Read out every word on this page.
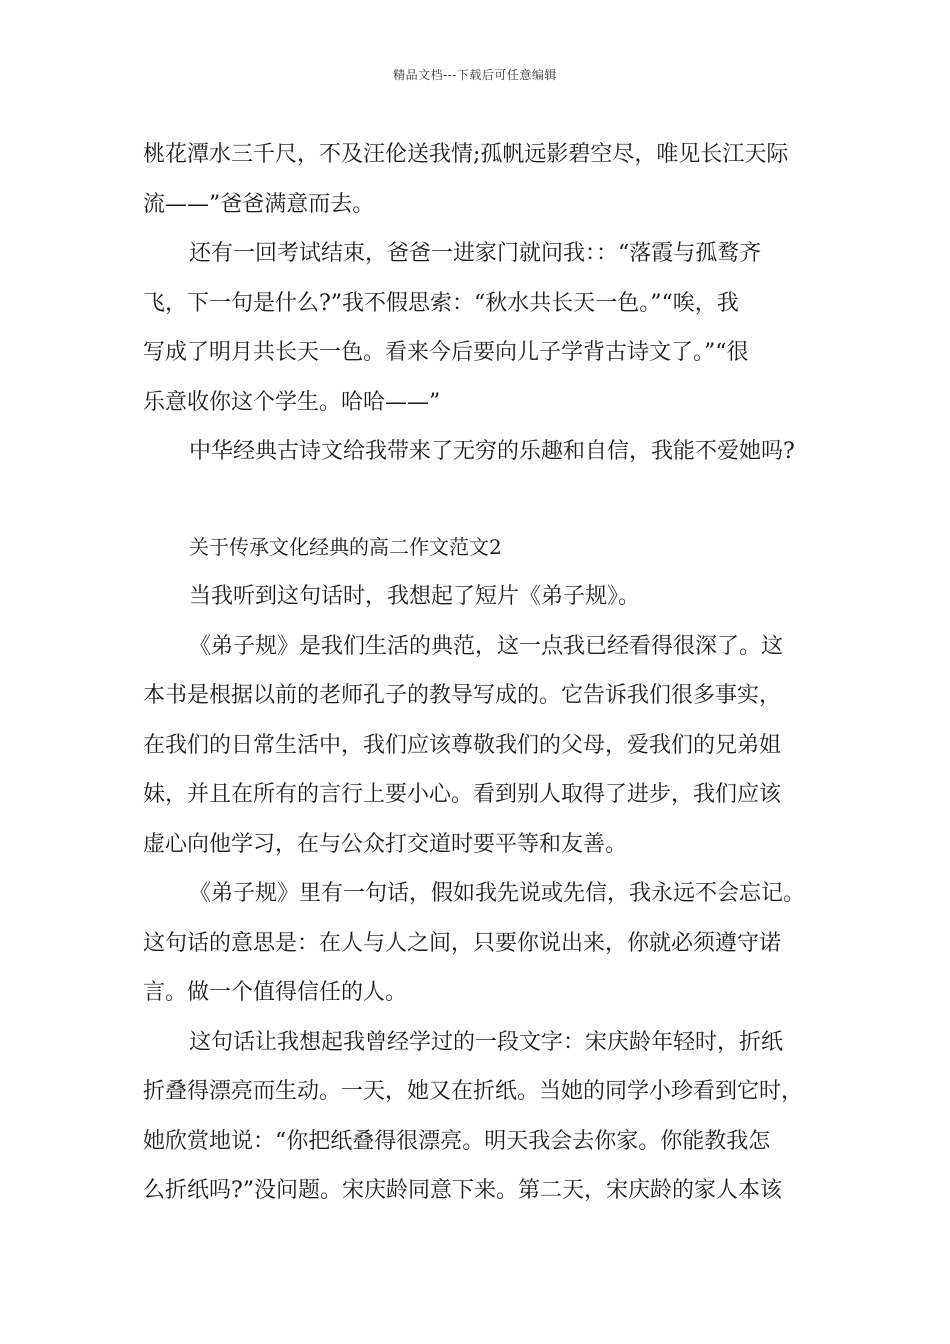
精品文档---下载后可任意编辑
桃花潭水三千尺，不及汪伦送我情;孤帆远影碧空尽，唯见长江天际
流——”爸爸满意而去。
还有一回考试结束，爸爸一进家门就问我：：“落霞与孤鹜齐
飞，下一句是什么?”我不假思索：“秋水共长天一色。”“唉，我
写成了明月共长天一色。看来今后要向儿子学背古诗文了。”“很
乐意收你这个学生。哈哈——”
中华经典古诗文给我带来了无穷的乐趣和自信，我能不爱她吗?
关于传承文化经典的高二作文范文2
当我听到这句话时，我想起了短片《弟子规》。
《弟子规》是我们生活的典范，这一点我已经看得很深了。这
本书是根据以前的老师孔子的教导写成的。它告诉我们很多事实，
在我们的日常生活中，我们应该尊敬我们的父母，爱我们的兄弟姐
妹，并且在所有的言行上要小心。看到别人取得了进步，我们应该
虚心向他学习，在与公众打交道时要平等和友善。
《弟子规》里有一句话，假如我先说或先信，我永远不会忘记。
这句话的意思是：在人与人之间，只要你说出来，你就必须遵守诺
言。做一个值得信任的人。
这句话让我想起我曾经学过的一段文字：宋庆龄年轻时，折纸
折叠得漂亮而生动。一天，她又在折纸。当她的同学小珍看到它时，
她欣赏地说：“你把纸叠得很漂亮。明天我会去你家。你能教我怎
么折纸吗?”没问题。宋庆龄同意下来。第二天，宋庆龄的家人本该
